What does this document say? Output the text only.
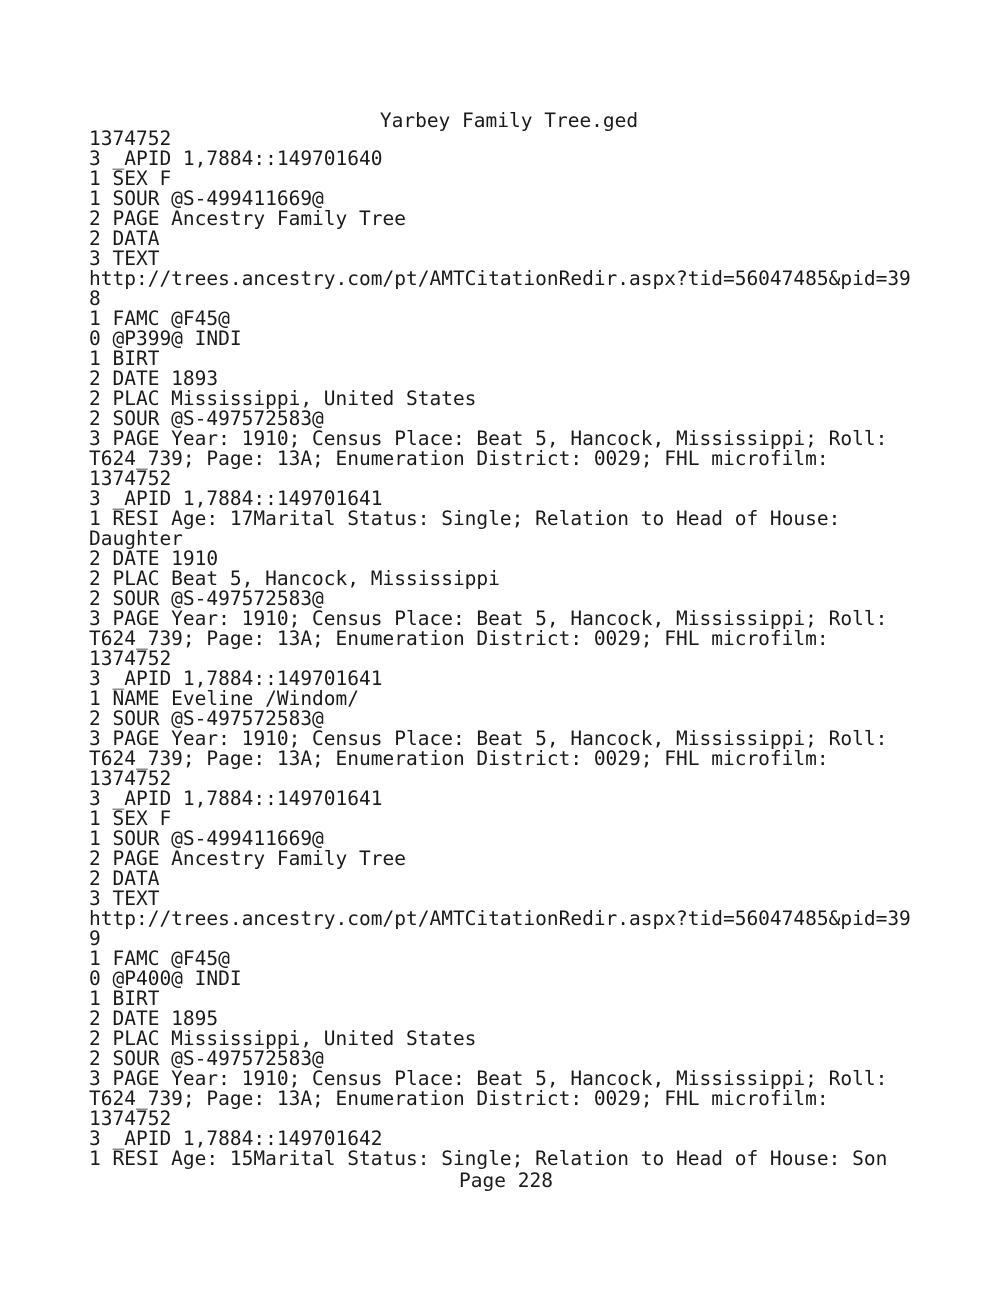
Yarbey Family Tree.ged
1374752
3 _APID 1,7884::149701640
1 SEX F
1 SOUR @S-499411669@
2 PAGE Ancestry Family Tree
2 DATA
3 TEXT
http://trees.ancestry.com/pt/AMTCitationRedir.aspx?tid=56047485&pid=39
8
1 FAMC @F45@
0 @P399@ INDI
1 BIRT
2 DATE 1893
2 PLAC Mississippi, United States
2 SOUR @S-497572583@
3 PAGE Year: 1910; Census Place: Beat 5, Hancock, Mississippi; Roll:
T624_739; Page: 13A; Enumeration District: 0029; FHL microfilm:
1374752
3 _APID 1,7884::149701641
1 RESI Age: 17Marital Status: Single; Relation to Head of House:
Daughter
2 DATE 1910
2 PLAC Beat 5, Hancock, Mississippi
2 SOUR @S-497572583@
3 PAGE Year: 1910; Census Place: Beat 5, Hancock, Mississippi; Roll:
T624_739; Page: 13A; Enumeration District: 0029; FHL microfilm:
1374752
3 _APID 1,7884::149701641
1 NAME Eveline /Windom/
2 SOUR @S-497572583@
3 PAGE Year: 1910; Census Place: Beat 5, Hancock, Mississippi; Roll:
T624_739; Page: 13A; Enumeration District: 0029; FHL microfilm:
1374752
3 _APID 1,7884::149701641
1 SEX F
1 SOUR @S-499411669@
2 PAGE Ancestry Family Tree
2 DATA
3 TEXT
http://trees.ancestry.com/pt/AMTCitationRedir.aspx?tid=56047485&pid=39
9
1 FAMC @F45@
0 @P400@ INDI
1 BIRT
2 DATE 1895
2 PLAC Mississippi, United States
2 SOUR @S-497572583@
3 PAGE Year: 1910; Census Place: Beat 5, Hancock, Mississippi; Roll:
T624_739; Page: 13A; Enumeration District: 0029; FHL microfilm:
1374752
3 _APID 1,7884::149701642
1 RESI Age: 15Marital Status: Single; Relation to Head of House: Son
Page 228
